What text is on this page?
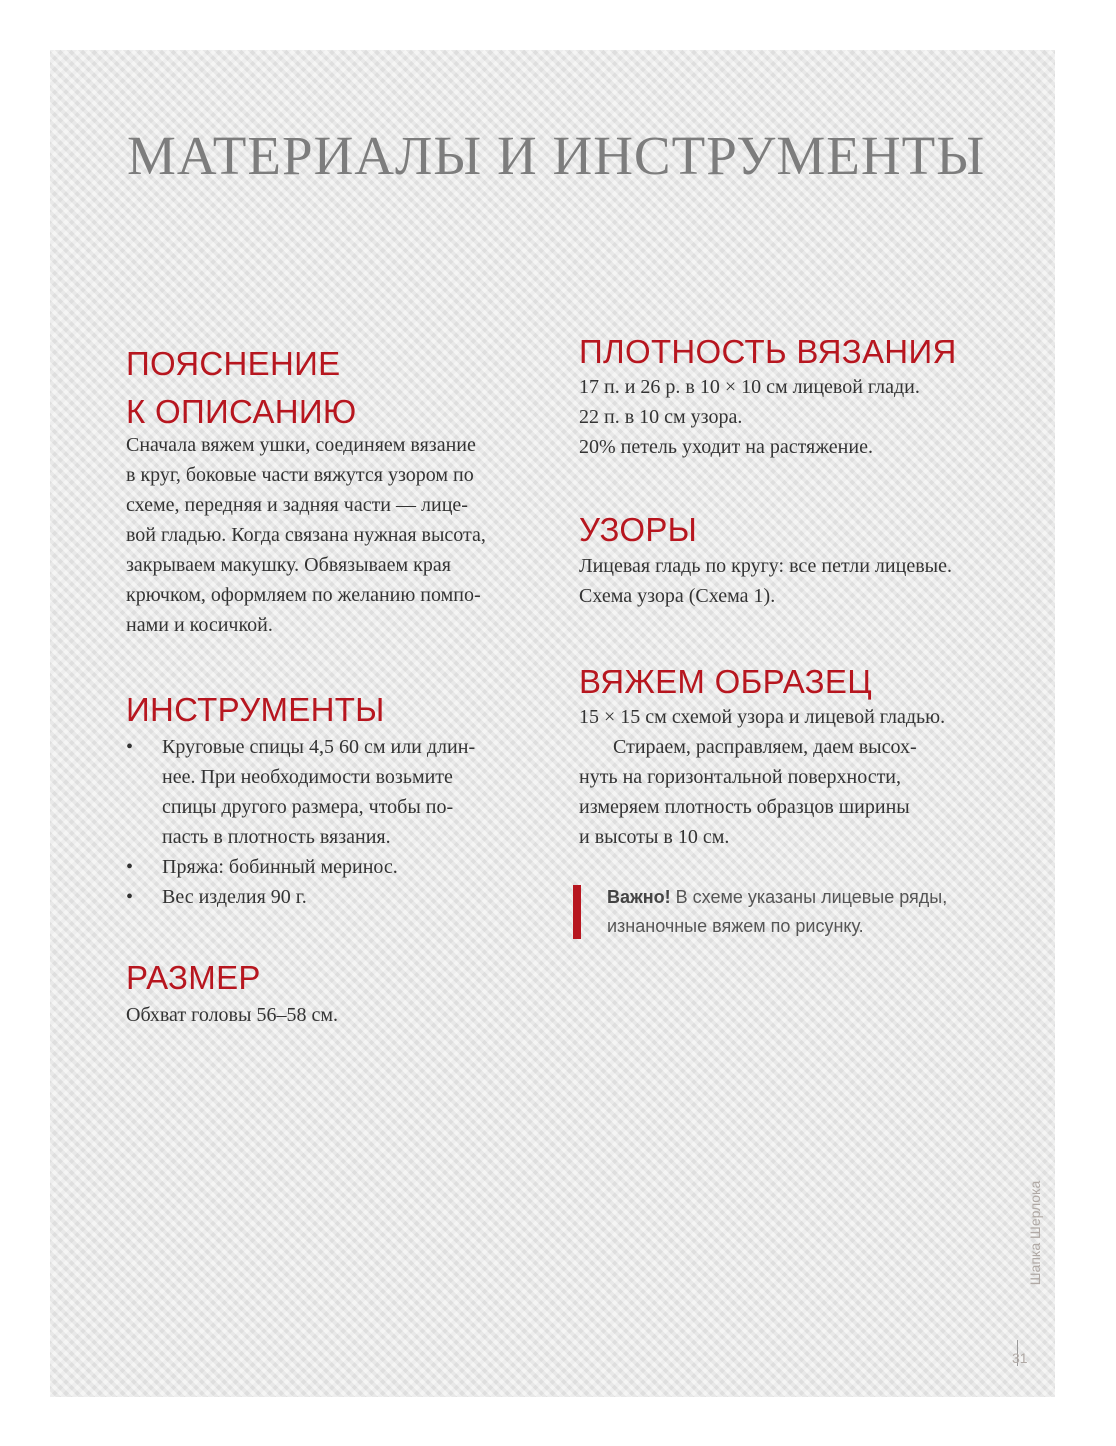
МАТЕРИАЛЫ И ИНСТРУМЕНТЫ
ПОЯСНЕНИЕ
К ОПИСАНИЮ
Сначала вяжем ушки, соединяем вязание
в круг, боковые части вяжутся узором по
схеме, передняя и задняя части — лице-
вой гладью. Когда связана нужная высота,
закрываем макушку. Обвязываем края
крючком, оформляем по желанию помпо-
нами и косичкой.
ИНСТРУМЕНТЫ
• Круговые спицы 4,5 60 см или длин-
нее. При необходимости возьмите
спицы другого размера, чтобы по-
пасть в плотность вязания.
• Пряжа: бобинный меринос.
• Вес изделия 90 г.
РАЗМЕР
Обхват головы 56–58 см.
ПЛОТНОСТЬ ВЯЗАНИЯ
17 п. и 26 р. в 10 × 10 см лицевой глади.
22 п. в 10 см узора.
20% петель уходит на растяжение.
УЗОРЫ
Лицевая гладь по кругу: все петли лицевые.
Схема узора (Схема 1).
ВЯЖЕМ ОБРАЗЕЦ
15 × 15 см схемой узора и лицевой гладью.
Стираем, расправляем, даем высох-
нуть на горизонтальной поверхности,
измеряем плотность образцов ширины
и высоты в 10 см.
Важно! В схеме указаны лицевые ряды,
изнаночные вяжем по рисунку.
Шапка Шерлока
31
